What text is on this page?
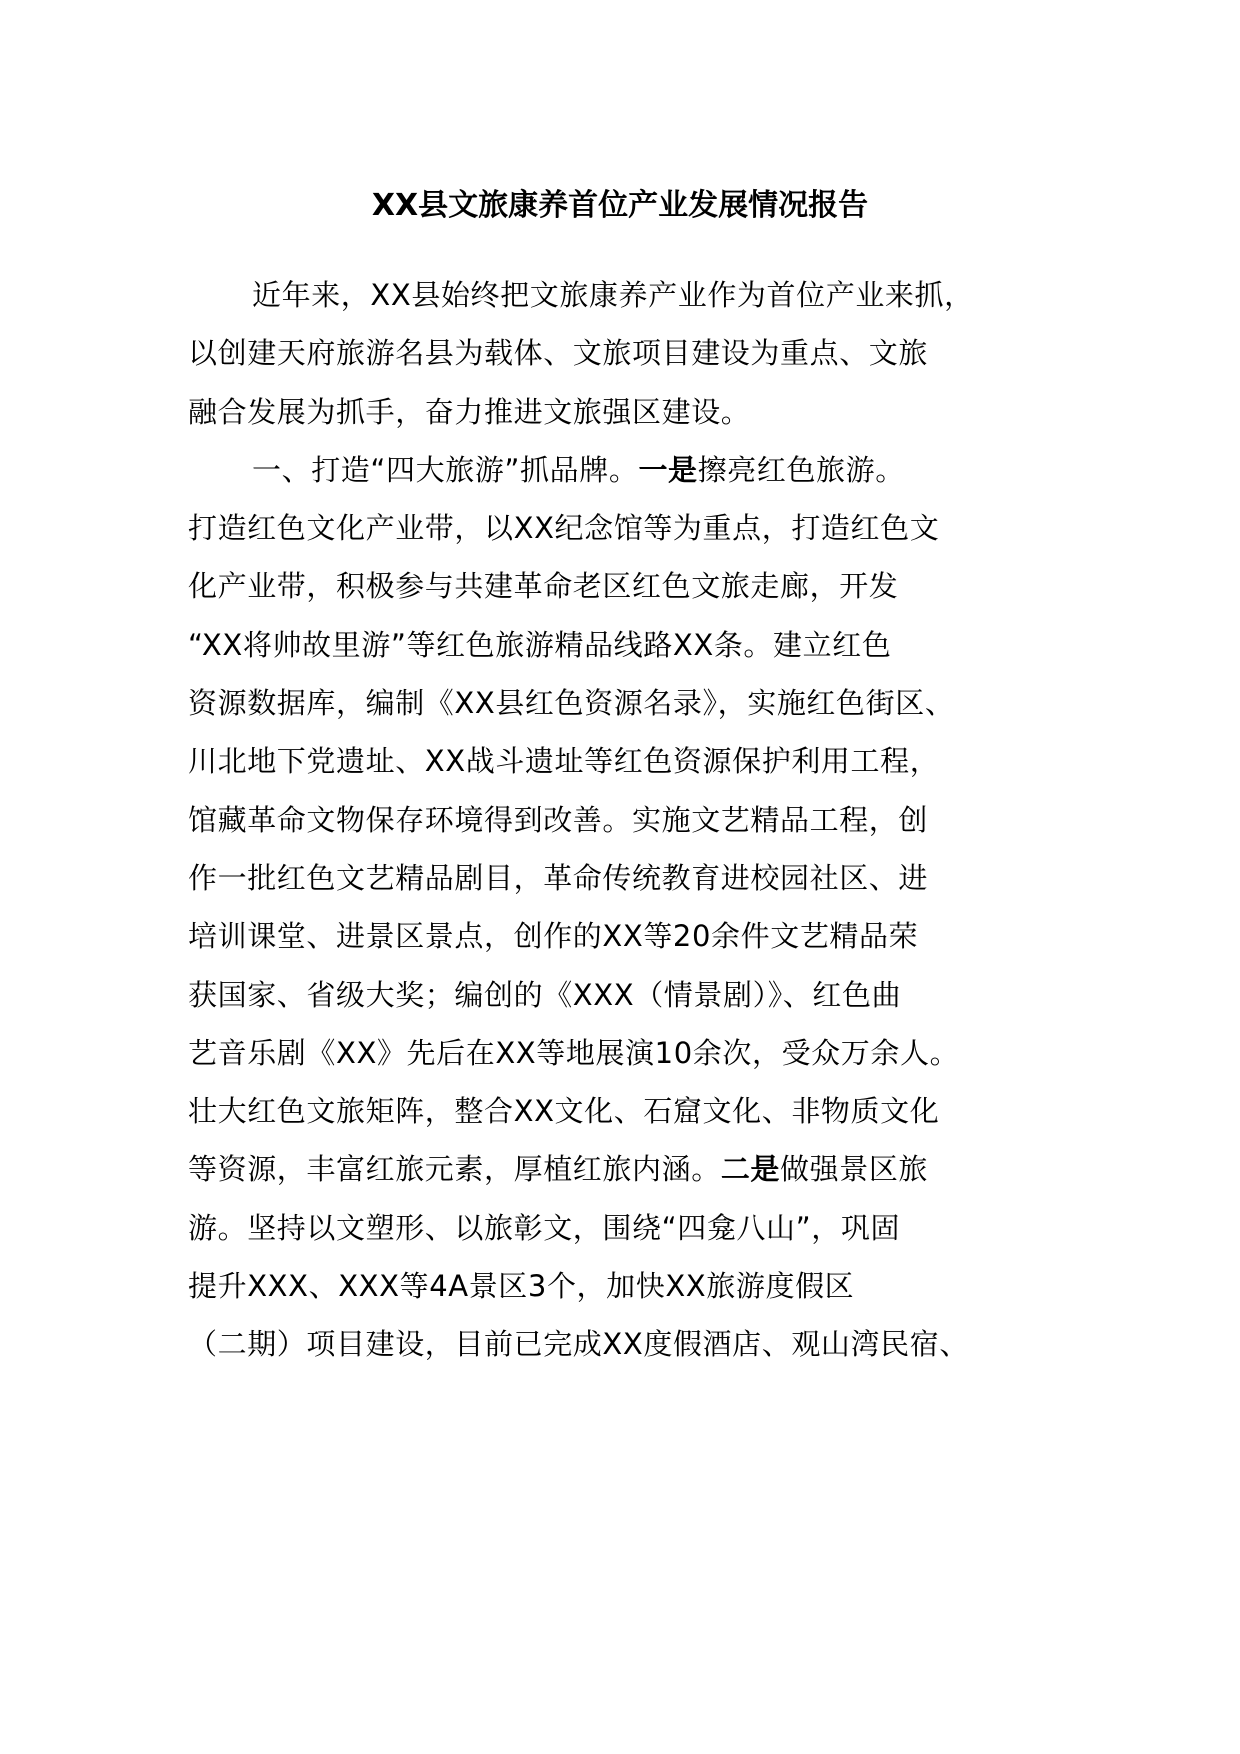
XX县文旅康养首位产业发展情况报告
近年来，XX县始终把文旅康养产业作为首位产业来抓，
以创建天府旅游名县为载体、文旅项目建设为重点、文旅
融合发展为抓手，奋力推进文旅强区建设。
一、打造“四大旅游”抓品牌。一是擦亮红色旅游。
打造红色文化产业带，以XX纪念馆等为重点，打造红色文
化产业带，积极参与共建革命老区红色文旅走廊，开发
“XX将帅故里游”等红色旅游精品线路XX条。建立红色
资源数据库，编制《XX县红色资源名录》，实施红色街区、
川北地下党遗址、XX战斗遗址等红色资源保护利用工程，
馆藏革命文物保存环境得到改善。实施文艺精品工程，创
作一批红色文艺精品剧目，革命传统教育进校园社区、进
培训课堂、进景区景点，创作的XX等20余件文艺精品荣
获国家、省级大奖；编创的《XXX（情景剧）》、红色曲
艺音乐剧《XX》先后在XX等地展演10余次，受众万余人。
壮大红色文旅矩阵，整合XX文化、石窟文化、非物质文化
等资源，丰富红旅元素，厚植红旅内涵。二是做强景区旅
游。坚持以文塑形、以旅彰文，围绕“四龛八山”，巩固
提升XXX、XXX等4A景区3个，加快XX旅游度假区
（二期）项目建设，目前已完成XX度假酒店、观山湾民宿、
